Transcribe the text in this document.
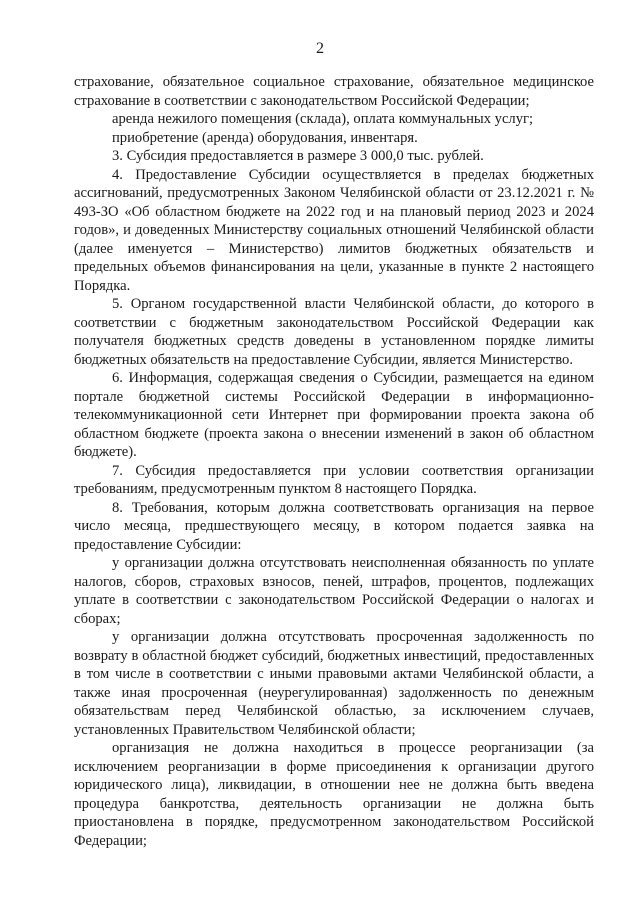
2

страхование, обязательное социальное страхование, обязательное медицинское страхование в соответствии с законодательством Российской Федерации;

аренда нежилого помещения (склада), оплата коммунальных услуг;

приобретение (аренда) оборудования, инвентаря.

3. Субсидия предоставляется в размере 3 000,0 тыс. рублей.

4. Предоставление Субсидии осуществляется в пределах бюджетных ассигнований, предусмотренных Законом Челябинской области от 23.12.2021 г. № 493-ЗО «Об областном бюджете на 2022 год и на плановый период 2023 и 2024 годов», и доведенных Министерству социальных отношений Челябинской области (далее именуется – Министерство) лимитов бюджетных обязательств и предельных объемов финансирования на цели, указанные в пункте 2 настоящего Порядка.

5. Органом государственной власти Челябинской области, до которого в соответствии с бюджетным законодательством Российской Федерации как получателя бюджетных средств доведены в установленном порядке лимиты бюджетных обязательств на предоставление Субсидии, является Министерство.

6. Информация, содержащая сведения о Субсидии, размещается на едином портале бюджетной системы Российской Федерации в информационно-телекоммуникационной сети Интернет при формировании проекта закона об областном бюджете (проекта закона о внесении изменений в закон об областном бюджете).

7. Субсидия предоставляется при условии соответствия организации требованиям, предусмотренным пунктом 8 настоящего Порядка.

8. Требования, которым должна соответствовать организация на первое число месяца, предшествующего месяцу, в котором подается заявка на предоставление Субсидии:

у организации должна отсутствовать неисполненная обязанность по уплате налогов, сборов, страховых взносов, пеней, штрафов, процентов, подлежащих уплате в соответствии с законодательством Российской Федерации о налогах и сборах;

у организации должна отсутствовать просроченная задолженность по возврату в областной бюджет субсидий, бюджетных инвестиций, предоставленных в том числе в соответствии с иными правовыми актами Челябинской области, а также иная просроченная (неурегулированная) задолженность по денежным обязательствам перед Челябинской областью, за исключением случаев, установленных Правительством Челябинской области;

организация не должна находиться в процессе реорганизации (за исключением реорганизации в форме присоединения к организации другого юридического лица), ликвидации, в отношении нее не должна быть введена процедура банкротства, деятельность организации не должна быть приостановлена в порядке, предусмотренном законодательством Российской Федерации;
